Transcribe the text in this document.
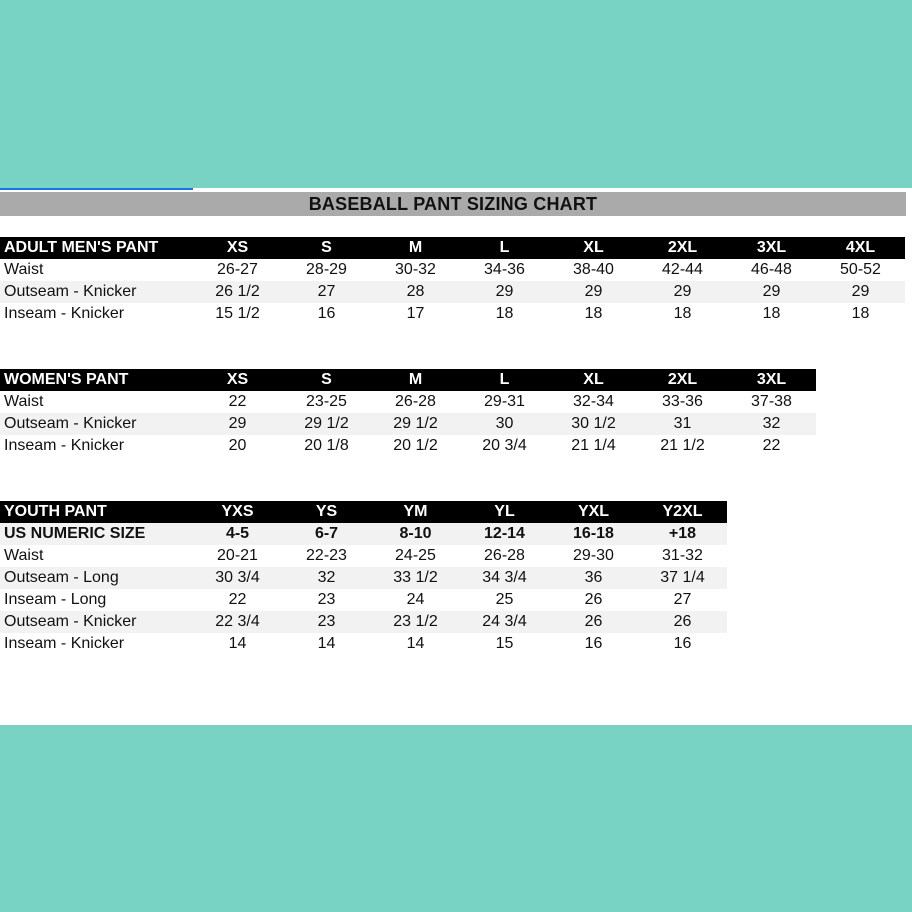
BASEBALL PANT SIZING CHART
ADULT MEN'S PANT	XS	S	M	L	XL	2XL	3XL	4XL
Waist	26-27	28-29	30-32	34-36	38-40	42-44	46-48	50-52
Outseam - Knicker	26 1/2	27	28	29	29	29	29	29
Inseam - Knicker	15 1/2	16	17	18	18	18	18	18
WOMEN'S PANT	XS	S	M	L	XL	2XL	3XL
Waist	22	23-25	26-28	29-31	32-34	33-36	37-38
Outseam - Knicker	29	29 1/2	29 1/2	30	30 1/2	31	32
Inseam - Knicker	20	20 1/8	20 1/2	20 3/4	21 1/4	21 1/2	22
YOUTH PANT	YXS	YS	YM	YL	YXL	Y2XL
US NUMERIC SIZE	4-5	6-7	8-10	12-14	16-18	+18
Waist	20-21	22-23	24-25	26-28	29-30	31-32
Outseam - Long	30 3/4	32	33 1/2	34 3/4	36	37 1/4
Inseam - Long	22	23	24	25	26	27
Outseam - Knicker	22 3/4	23	23 1/2	24 3/4	26	26
Inseam - Knicker	14	14	14	15	16	16
